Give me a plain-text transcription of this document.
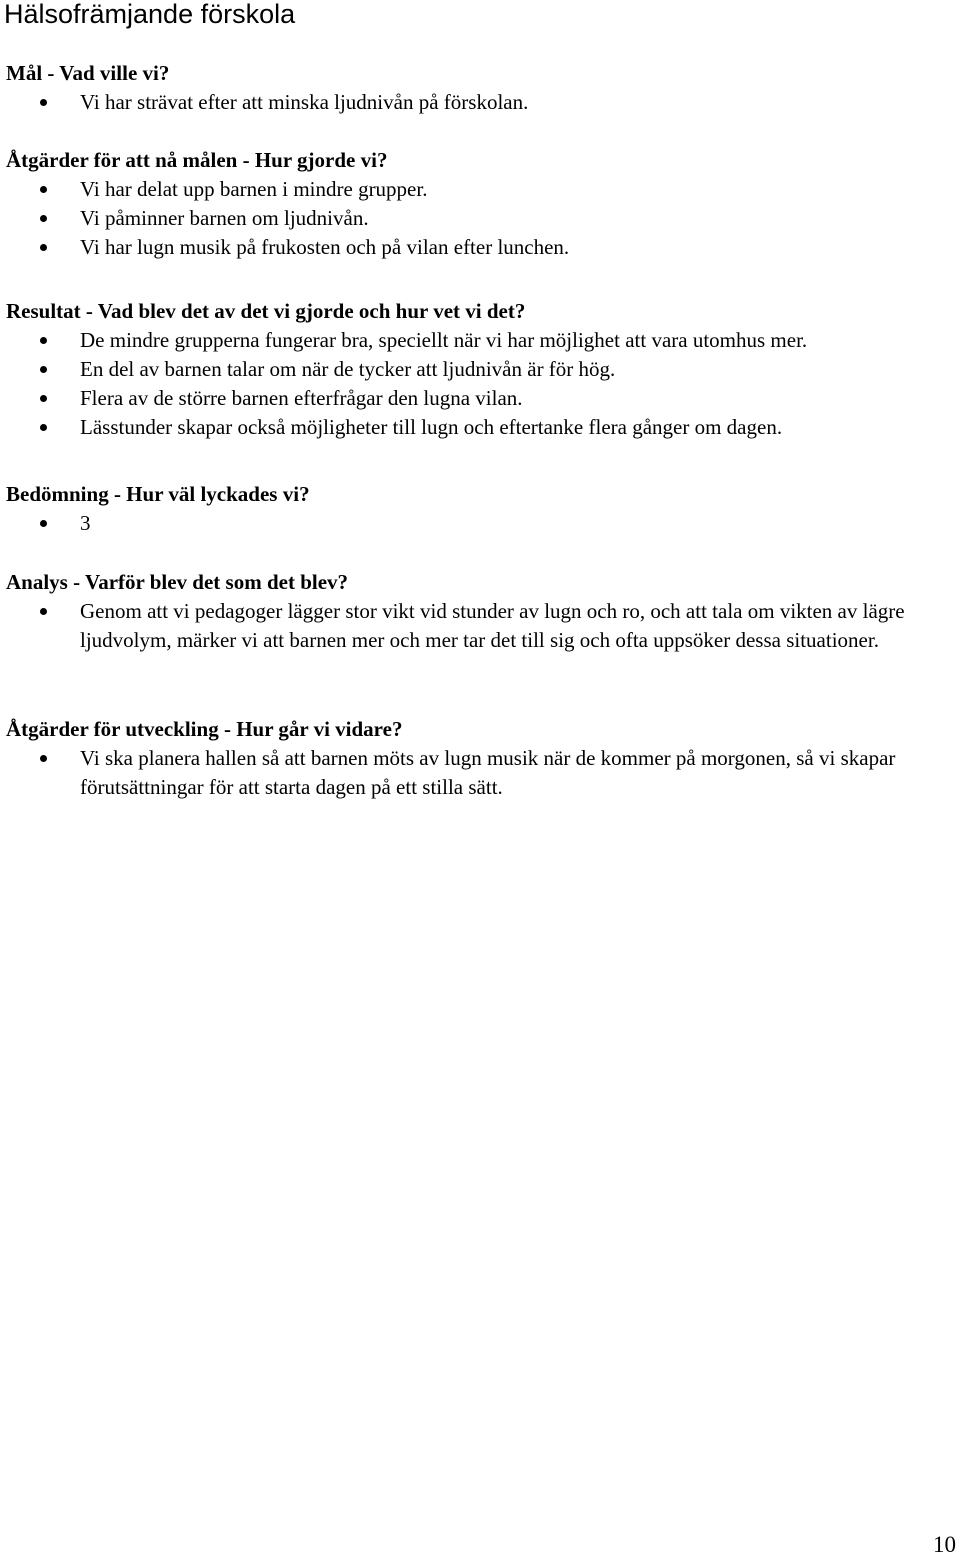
Hälsofrämjande förskola
Mål - Vad ville vi?
Vi har strävat efter att minska ljudnivån på förskolan.
Åtgärder för att nå målen - Hur gjorde vi?
Vi har delat upp barnen i mindre grupper.
Vi påminner barnen om ljudnivån.
Vi har lugn musik på frukosten och på vilan efter lunchen.
Resultat - Vad blev det av det vi gjorde och hur vet vi det?
De mindre grupperna fungerar bra, speciellt när vi har möjlighet att vara utomhus mer.
En del av barnen talar om när de tycker att ljudnivån är för hög.
Flera av de större barnen efterfrågar den lugna vilan.
Lässtunder skapar också möjligheter till lugn och eftertanke flera gånger om dagen.
Bedömning - Hur väl lyckades vi?
3
Analys - Varför blev det som det blev?
Genom att vi pedagoger lägger stor vikt vid stunder av lugn och ro, och att tala om vikten av lägre ljudvolym, märker vi att barnen mer och mer tar det till sig och ofta uppsöker dessa situationer.
Åtgärder för utveckling - Hur går vi vidare?
Vi ska planera hallen så att barnen möts av lugn musik när de kommer på morgonen, så vi skapar förutsättningar för att starta dagen på ett stilla sätt.
10
